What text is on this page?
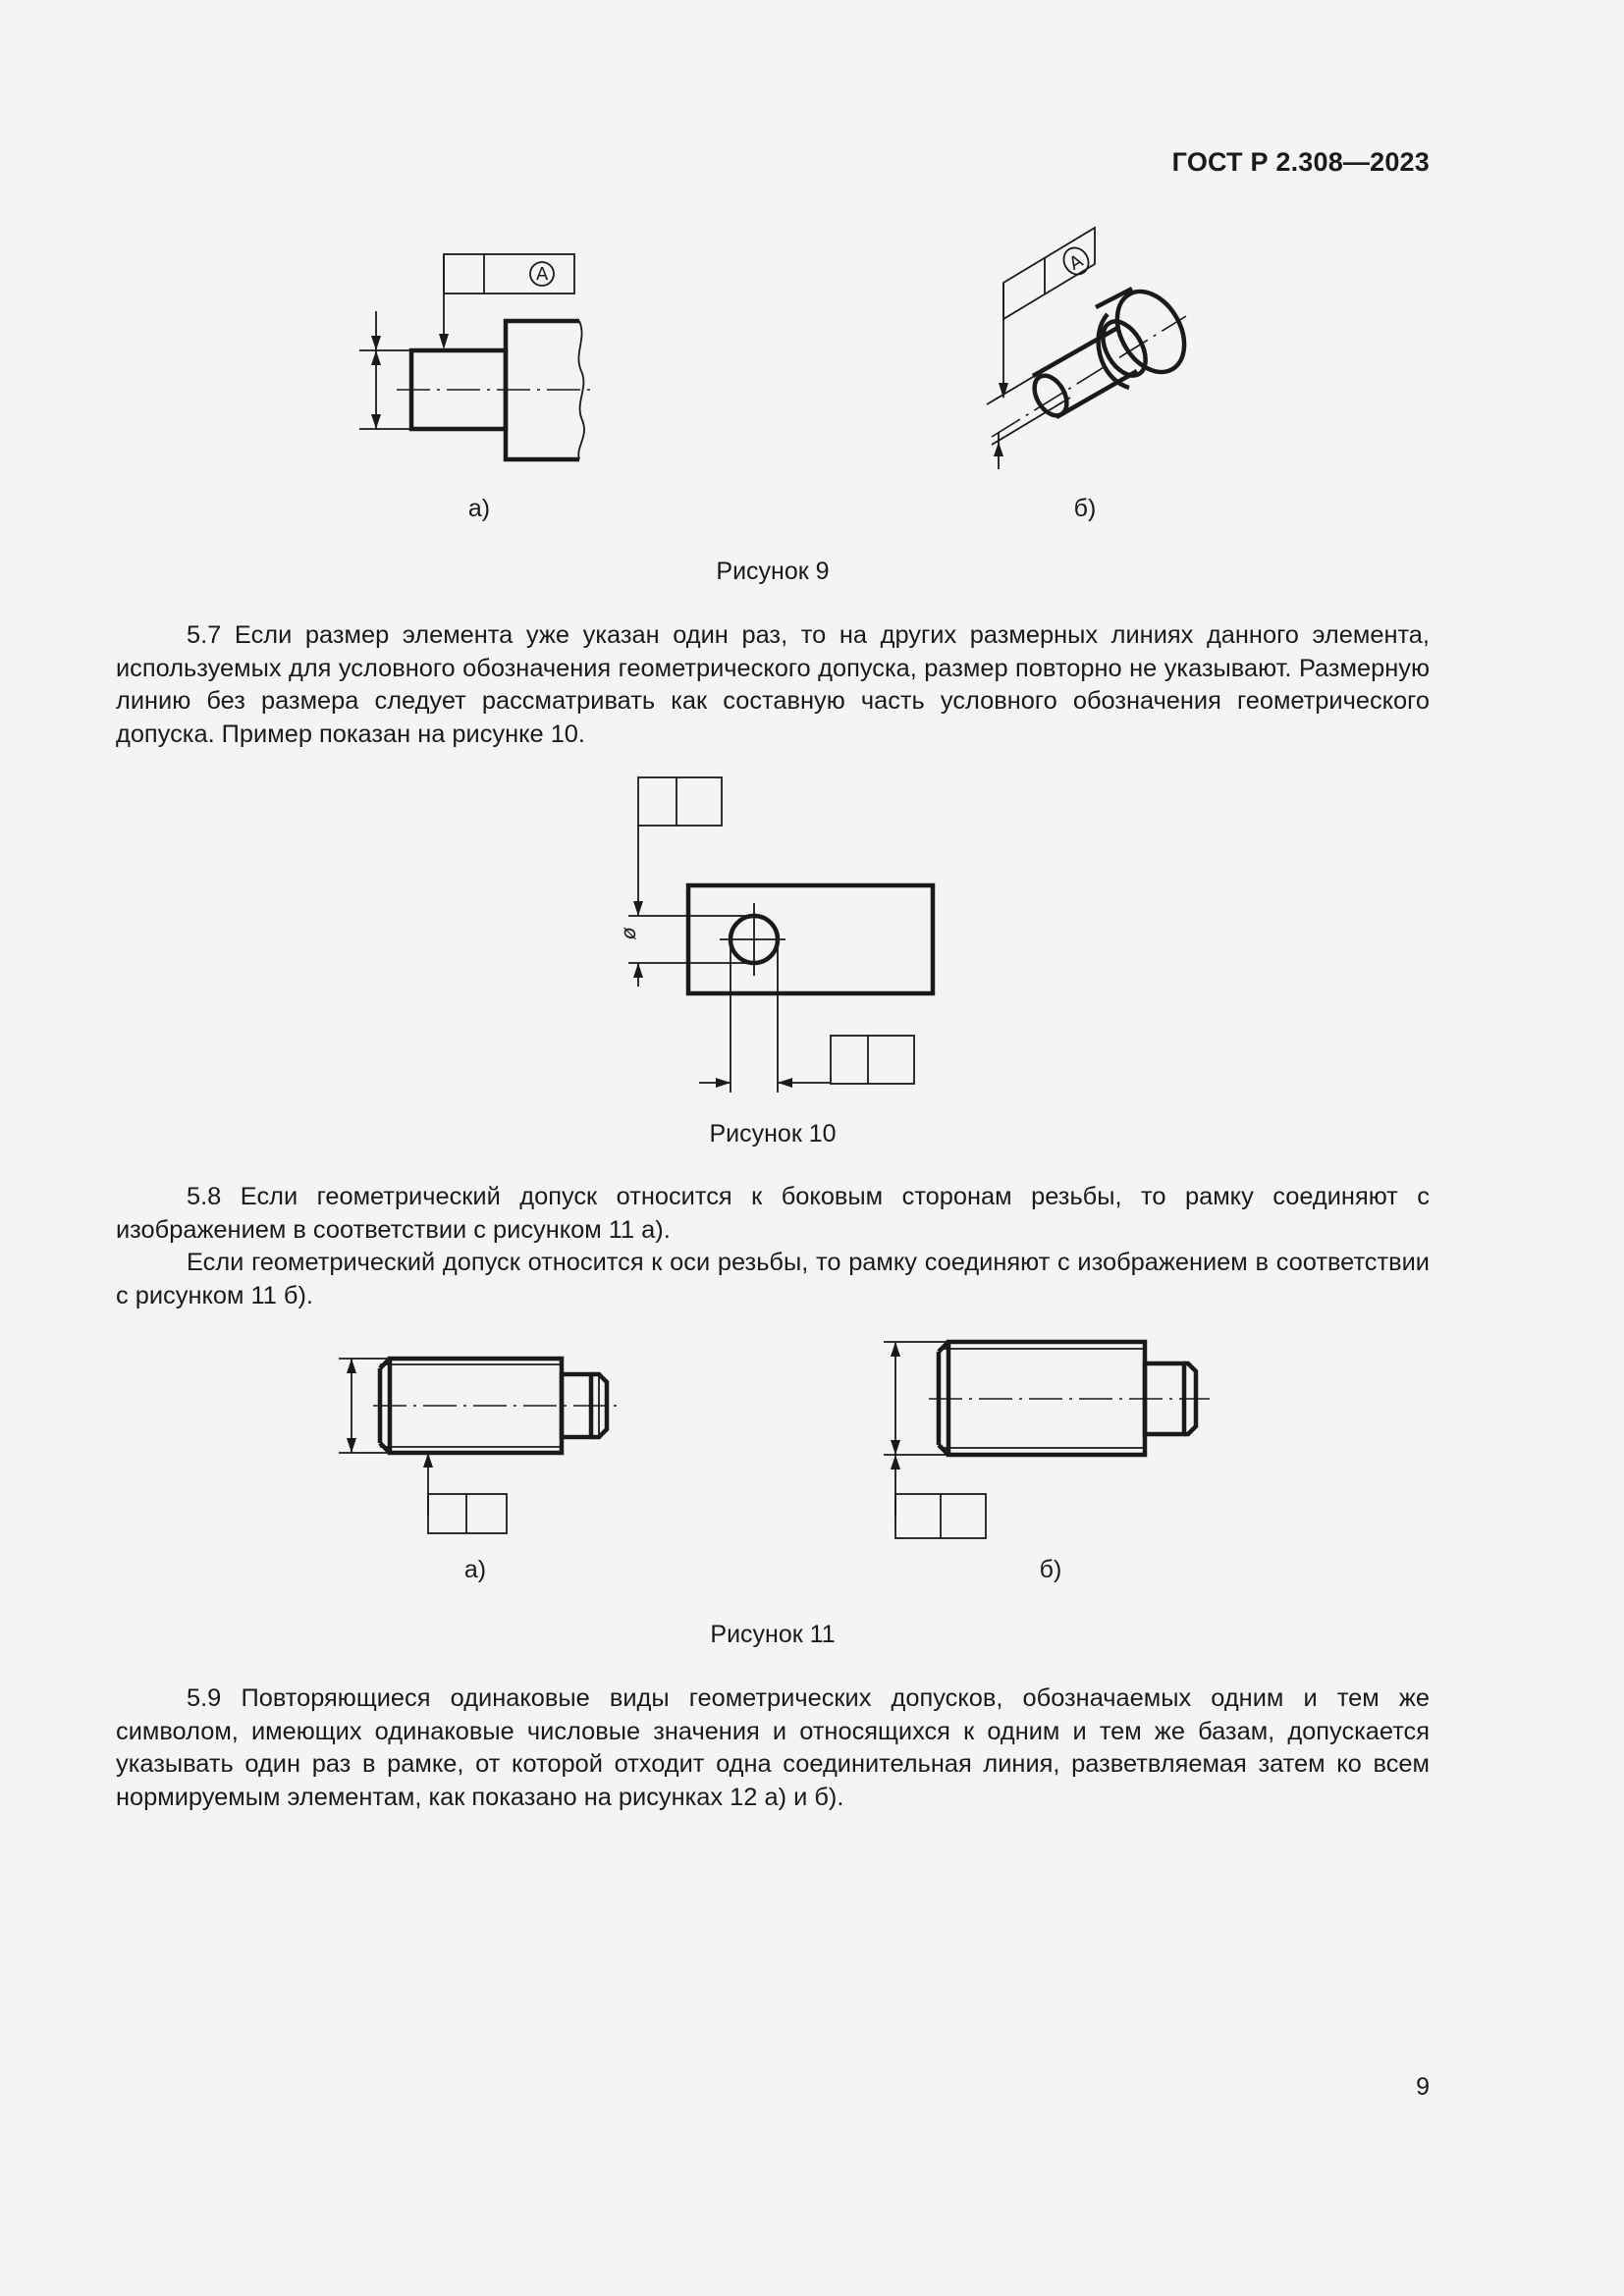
ГОСТ Р 2.308—2023
A
а)
A
б)
Рисунок 9

5.7 Если размер элемента уже указан один раз, то на других размерных линиях данного элемента, используемых для условного обозначения геометрического допуска, размер повторно не указывают. Размерную линию без размера следует рассматривать как составную часть условного обозначения геометрического допуска. Пример показан на рисунке 10.

ø
Рисунок 10

5.8 Если геометрический допуск относится к боковым сторонам резьбы, то рамку соединяют с изображением в соответствии с рисунком 11 а).

Если геометрический допуск относится к оси резьбы, то рамку соединяют с изображением в соответствии с рисунком 11 б).

а)	б)
Рисунок 11

5.9 Повторяющиеся одинаковые виды геометрических допусков, обозначаемых одним и тем же символом, имеющих одинаковые числовые значения и относящихся к одним и тем же базам, допускается указывать один раз в рамке, от которой отходит одна соединительная линия, разветвляемая затем ко всем нормируемым элементам, как показано на рисунках 12 а) и б).

9
